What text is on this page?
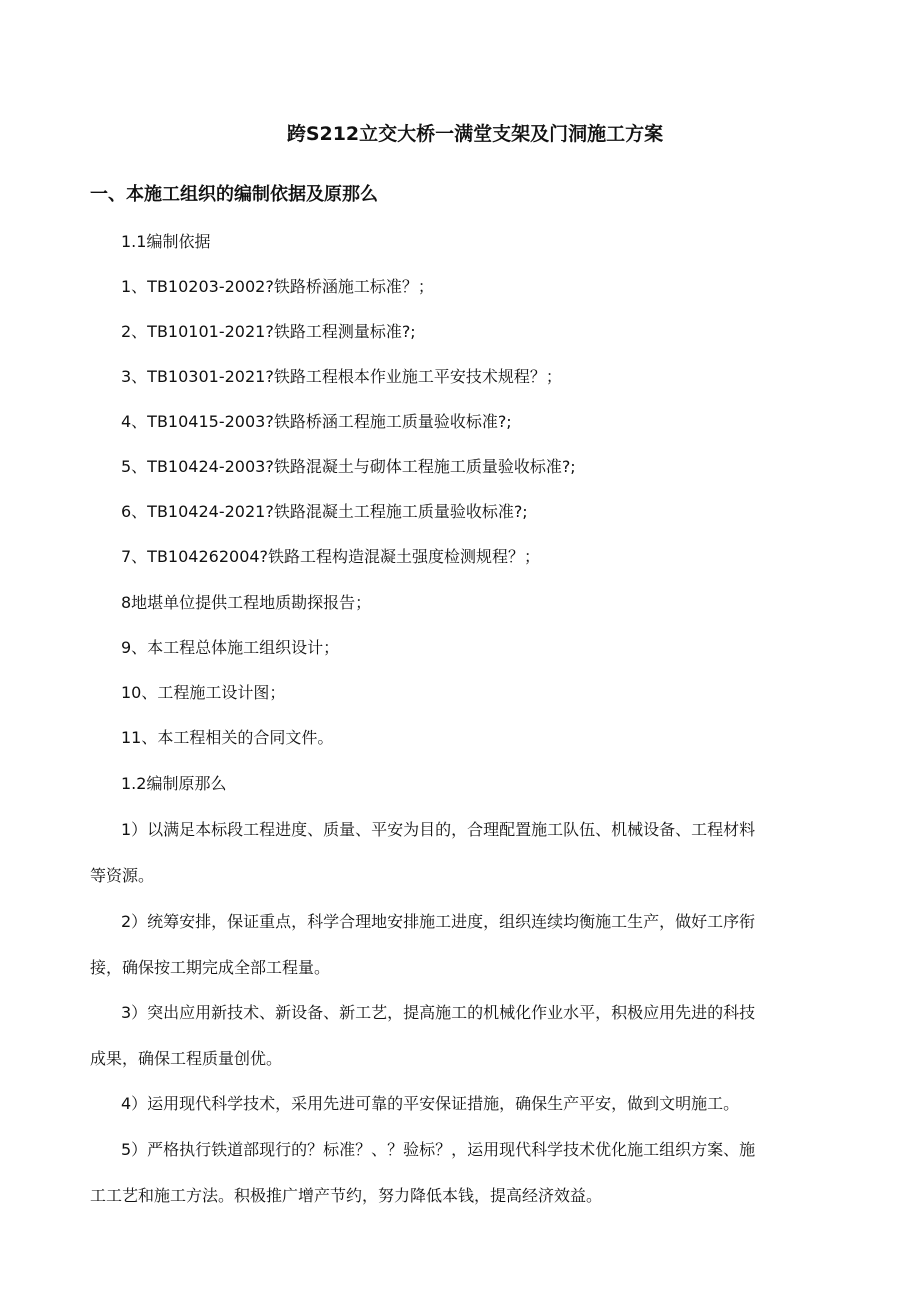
跨S212立交大桥一满堂支架及门洞施工方案
一、本施工组织的编制依据及原那么
1.1编制依据
1、TB10203-2002?铁路桥涵施工标准？；
2、TB10101-2021?铁路工程测量标准?;
3、TB10301-2021?铁路工程根本作业施工平安技术规程？；
4、TB10415-2003?铁路桥涵工程施工质量验收标准?;
5、TB10424-2003?铁路混凝土与砌体工程施工质量验收标准?;
6、TB10424-2021?铁路混凝土工程施工质量验收标准?;
7、TB104262004?铁路工程构造混凝土强度检测规程？；
8地堪单位提供工程地质勘探报告；
9、本工程总体施工组织设计；
10、工程施工设计图；
11、本工程相关的合同文件。
1.2编制原那么
1）以满足本标段工程进度、质量、平安为目的，合理配置施工队伍、机械设备、工程材料
等资源。
2）统筹安排，保证重点，科学合理地安排施工进度，组织连续均衡施工生产，做好工序衔
接，确保按工期完成全部工程量。
3）突出应用新技术、新设备、新工艺，提高施工的机械化作业水平，积极应用先进的科技
成果，确保工程质量创优。
4）运用现代科学技术，采用先进可靠的平安保证措施，确保生产平安，做到文明施工。
5）严格执行铁道部现行的？标准？、？验标？，运用现代科学技术优化施工组织方案、施
工工艺和施工方法。积极推广增产节约，努力降低本钱，提高经济效益。
